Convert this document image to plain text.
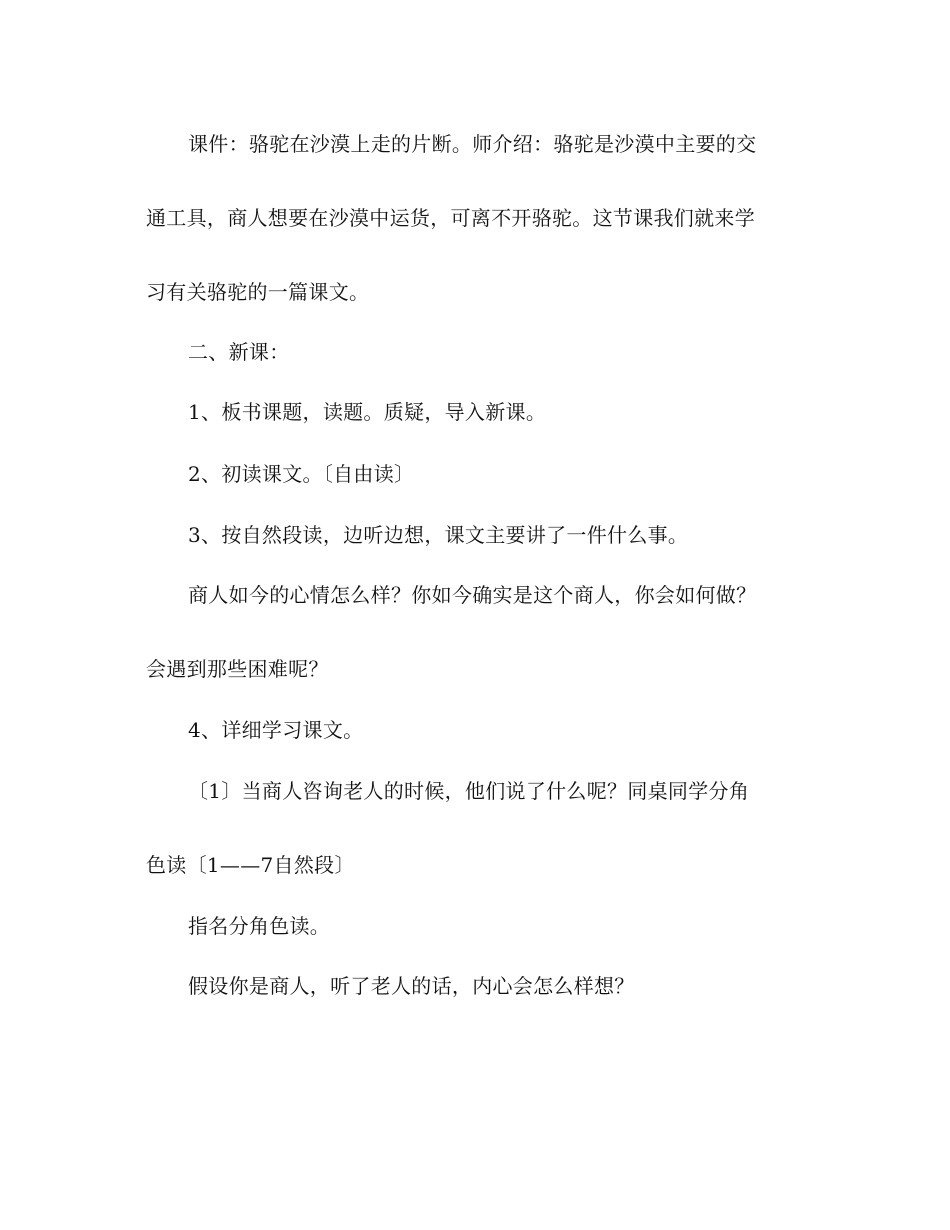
课件：骆驼在沙漠上走的片断。师介绍：骆驼是沙漠中主要的交
通工具，商人想要在沙漠中运货，可离不开骆驼。这节课我们就来学
习有关骆驼的一篇课文。
二、新课：
1、板书课题，读题。质疑，导入新课。
2、初读课文。〔自由读〕
3、按自然段读，边听边想，课文主要讲了一件什么事。
商人如今的心情怎么样？你如今确实是这个商人，你会如何做？
会遇到那些困难呢？
4、详细学习课文。
〔1〕当商人咨询老人的时候，他们说了什么呢？同桌同学分角
色读〔1——7自然段〕
指名分角色读。
假设你是商人，听了老人的话，内心会怎么样想？
